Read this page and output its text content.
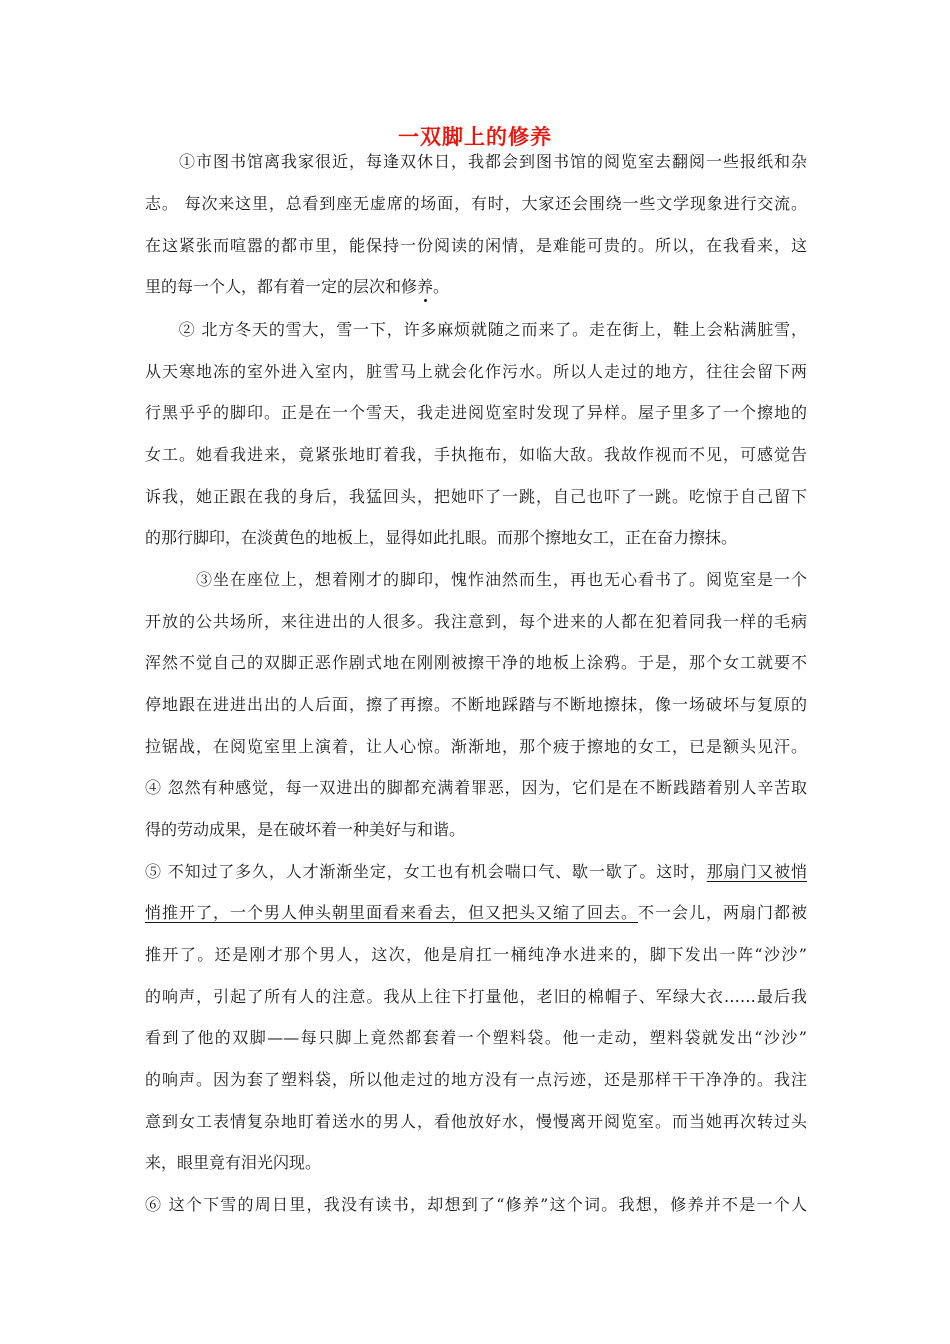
一双脚上的修养
　　①市图书馆离我家很近，每逢双休日，我都会到图书馆的阅览室去翻阅一些报纸和杂
志。 每次来这里，总看到座无虚席的场面，有时，大家还会围绕一些文学现象进行交流。
在这紧张而喧嚣的都市里，能保持一份阅读的闲情，是难能可贵的。所以，在我看来，这
里的每一个人，都有着一定的层次和修养。
　　② 北方冬天的雪大，雪一下，许多麻烦就随之而来了。走在街上，鞋上会粘满脏雪，
从天寒地冻的室外进入室内，脏雪马上就会化作污水。所以人走过的地方，往往会留下两
行黑乎乎的脚印。正是在一个雪天，我走进阅览室时发现了异样。屋子里多了一个擦地的
女工。她看我进来，竟紧张地盯着我，手执拖布，如临大敌。我故作视而不见，可感觉告
诉我，她正跟在我的身后，我猛回头，把她吓了一跳，自己也吓了一跳。吃惊于自己留下
的那行脚印，在淡黄色的地板上，显得如此扎眼。而那个擦地女工，正在奋力擦抹。
　　　③坐在座位上，想着刚才的脚印，愧怍油然而生，再也无心看书了。阅览室是一个
开放的公共场所，来往进出的人很多。我注意到，每个进来的人都在犯着同我一样的毛病
浑然不觉自己的双脚正恶作剧式地在刚刚被擦干净的地板上涂鸦。于是，那个女工就要不
停地跟在进进出出的人后面，擦了再擦。不断地踩踏与不断地擦抹，像一场破坏与复原的
拉锯战，在阅览室里上演着，让人心惊。渐渐地，那个疲于擦地的女工，已是额头见汗。
④ 忽然有种感觉，每一双进出的脚都充满着罪恶，因为，它们是在不断践踏着别人辛苦取
得的劳动成果，是在破坏着一种美好与和谐。
⑤ 不知过了多久，人才渐渐坐定，女工也有机会喘口气、歇一歇了。这时，那扇门又被悄
悄推开了，一个男人伸头朝里面看来看去，但又把头又缩了回去。不一会儿，两扇门都被
推开了。还是刚才那个男人，这次，他是肩扛一桶纯净水进来的，脚下发出一阵“沙沙”
的响声，引起了所有人的注意。我从上往下打量他，老旧的棉帽子、军绿大衣……最后我
看到了他的双脚——每只脚上竟然都套着一个塑料袋。他一走动，塑料袋就发出“沙沙”
的响声。因为套了塑料袋，所以他走过的地方没有一点污迹，还是那样干干净净的。我注
意到女工表情复杂地盯着送水的男人，看他放好水，慢慢离开阅览室。而当她再次转过头
来，眼里竟有泪光闪现。
⑥ 这个下雪的周日里，我没有读书，却想到了“修养”这个词。我想，修养并不是一个人
